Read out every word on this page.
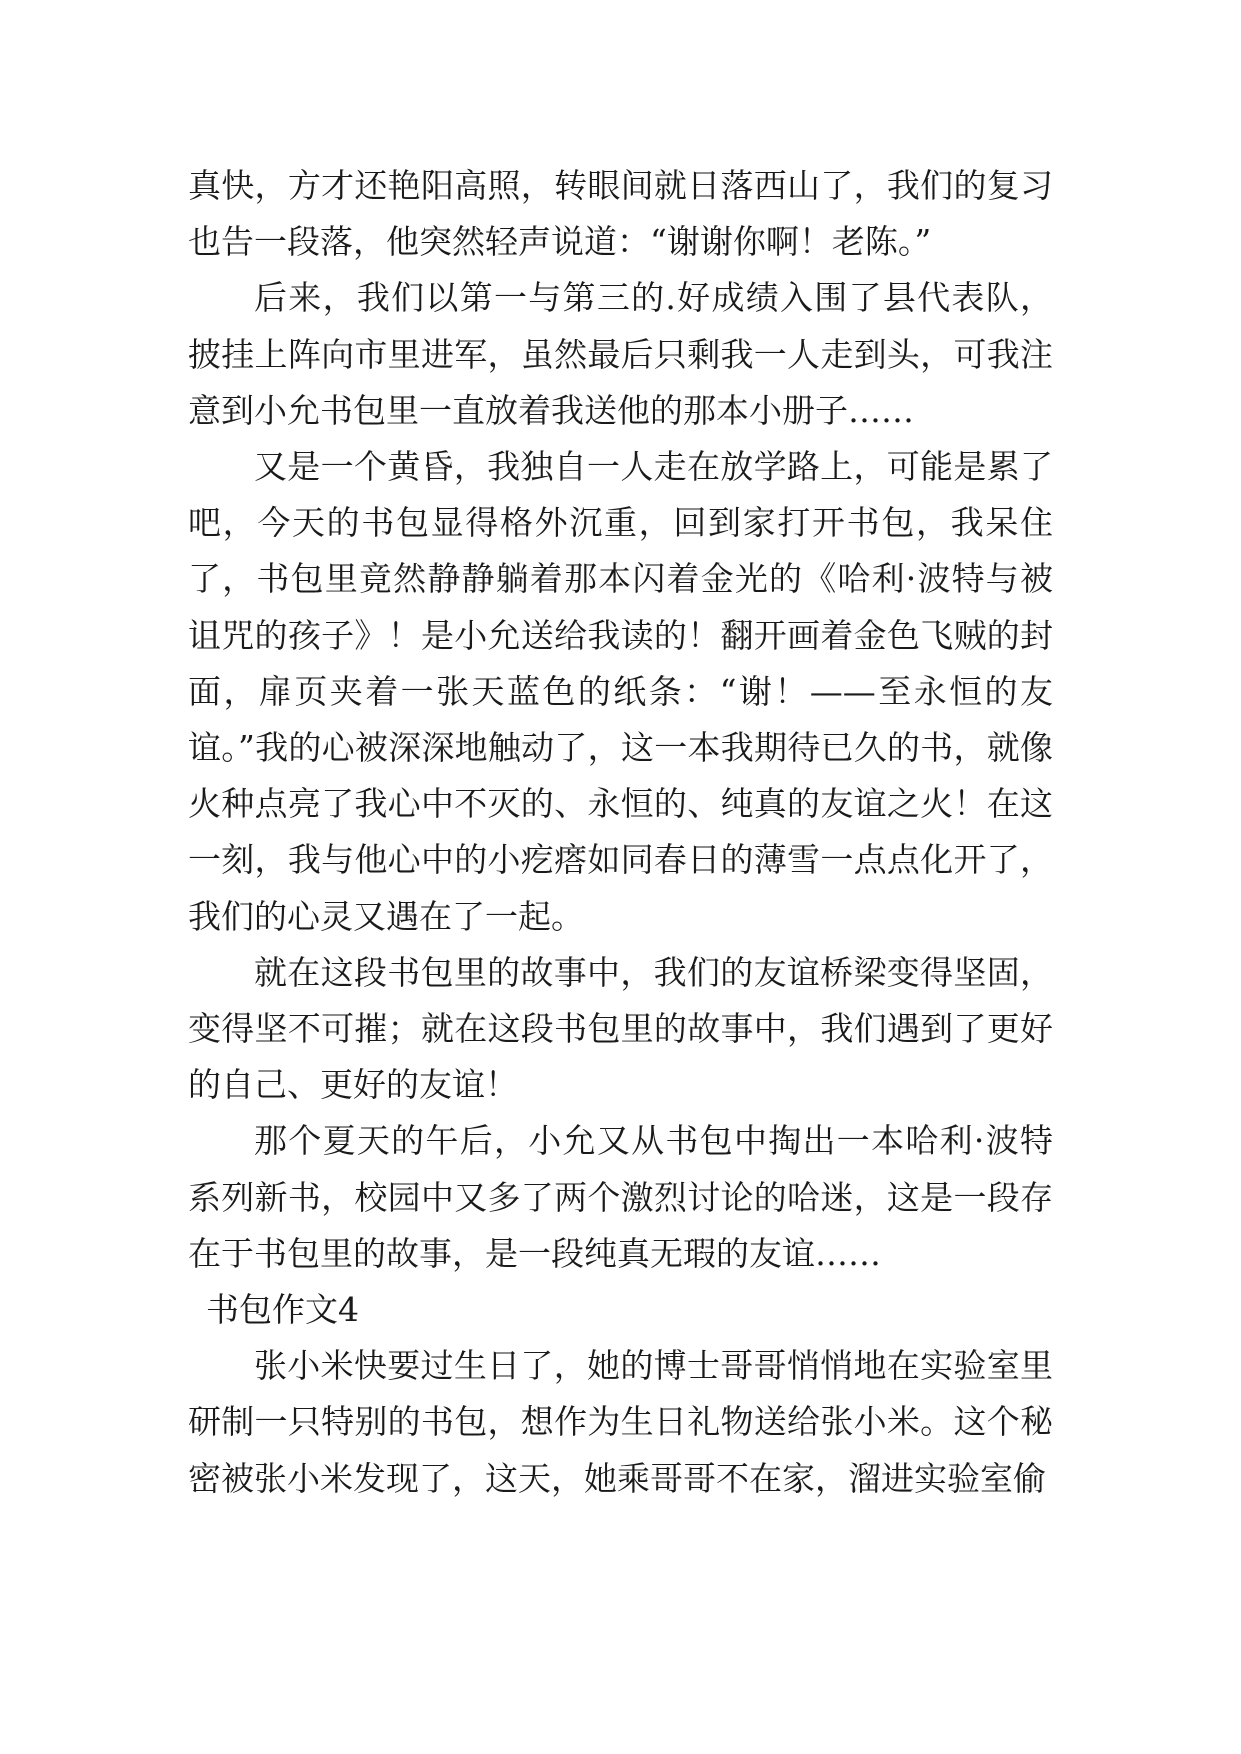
真快，方才还艳阳高照，转眼间就日落西山了，我们的复习也告一段落，他突然轻声说道：“谢谢你啊！老陈。”

后来，我们以第一与第三的.好成绩入围了县代表队，披挂上阵向市里进军，虽然最后只剩我一人走到头，可我注意到小允书包里一直放着我送他的那本小册子……

又是一个黄昏，我独自一人走在放学路上，可能是累了吧，今天的书包显得格外沉重，回到家打开书包，我呆住了，书包里竟然静静躺着那本闪着金光的《哈利·波特与被诅咒的孩子》！是小允送给我读的！翻开画着金色飞贼的封面，扉页夹着一张天蓝色的纸条：“谢！——至永恒的友谊。”我的心被深深地触动了，这一本我期待已久的书，就像火种点亮了我心中不灭的、永恒的、纯真的友谊之火！在这一刻，我与他心中的小疙瘩如同春日的薄雪一点点化开了，我们的心灵又遇在了一起。

就在这段书包里的故事中，我们的友谊桥梁变得坚固，变得坚不可摧；就在这段书包里的故事中，我们遇到了更好的自己、更好的友谊！

那个夏天的午后，小允又从书包中掏出一本哈利·波特系列新书，校园中又多了两个激烈讨论的哈迷，这是一段存在于书包里的故事，是一段纯真无瑕的友谊……

书包作文4

张小米快要过生日了，她的博士哥哥悄悄地在实验室里研制一只特别的书包，想作为生日礼物送给张小米。这个秘密被张小米发现了，这天，她乘哥哥不在家，溜进实验室偷
